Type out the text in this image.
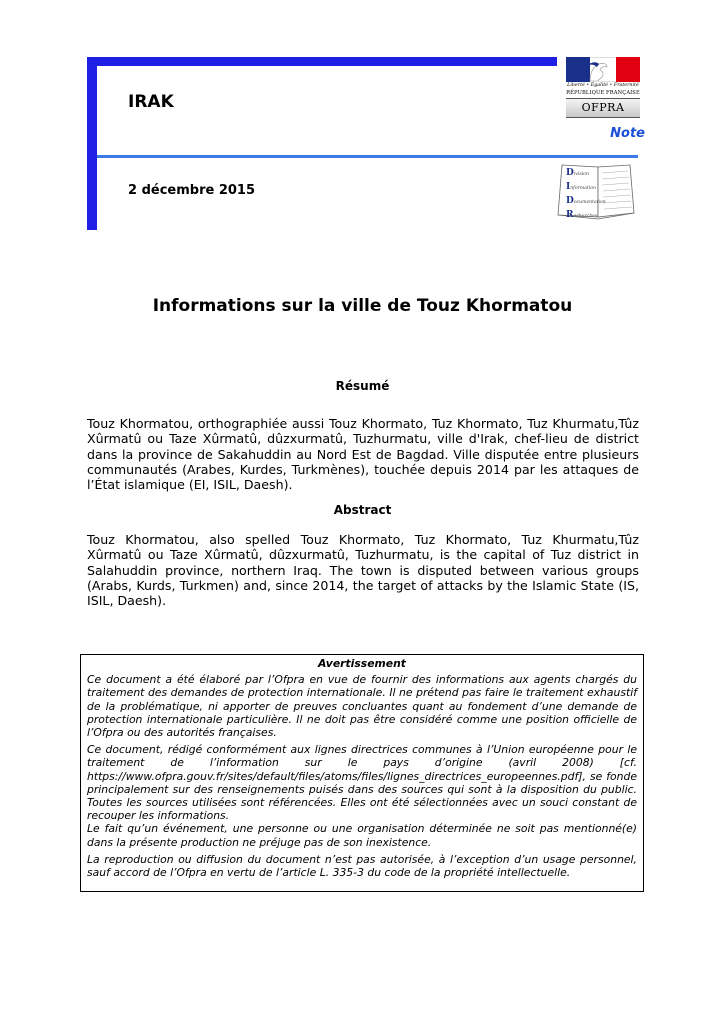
IRAK
Note
2 décembre 2015
Liberté • Égalité • Fraternité
RÉPUBLIQUE FRANÇAISE
OFPRA
Division
Information
Documentation
Recherches
Informations sur la ville de Touz Khormatou
Résumé
Touz Khormatou, orthographiée aussi Touz Khormato, Tuz Khormato, Tuz Khurmatu,Tûz Xûrmatû ou Taze Xûrmatû, dûzxurmatû, Tuzhurmatu, ville d'Irak, chef-lieu de district dans la province de Sakahuddin au Nord Est de Bagdad. Ville disputée entre plusieurs communautés (Arabes, Kurdes, Turkmènes), touchée depuis 2014 par les attaques de l’État islamique (EI, ISIL, Daesh).
Abstract
Touz Khormatou, also spelled Touz Khormato, Tuz Khormato, Tuz Khurmatu,Tûz Xûrmatû ou Taze Xûrmatû, dûzxurmatû, Tuzhurmatu, is the capital of Tuz district in Salahuddin province, northern Iraq. The town is disputed between various groups (Arabs, Kurds, Turkmen) and, since 2014, the target of attacks by the Islamic State (IS, ISIL, Daesh).
Avertissement

Ce document a été élaboré par l’Ofpra en vue de fournir des informations aux agents chargés du traitement des demandes de protection internationale. Il ne prétend pas faire le traitement exhaustif de la problématique, ni apporter de preuves concluantes quant au fondement d’une demande de protection internationale particulière. Il ne doit pas être considéré comme une position officielle de l’Ofpra ou des autorités françaises.

Ce document, rédigé conformément aux lignes directrices communes à l’Union européenne pour le traitement de l’information sur le pays d’origine (avril 2008) [cf. https://www.ofpra.gouv.fr/sites/default/files/atoms/files/lignes_directrices_europeennes.pdf], se fonde principalement sur des renseignements puisés dans des sources qui sont à la disposition du public. Toutes les sources utilisées sont référencées. Elles ont été sélectionnées avec un souci constant de recouper les informations.

Le fait qu’un événement, une personne ou une organisation déterminée ne soit pas mentionné(e) dans la présente production ne préjuge pas de son inexistence.

La reproduction ou diffusion du document n’est pas autorisée, à l’exception d’un usage personnel, sauf accord de l’Ofpra en vertu de l’article L. 335-3 du code de la propriété intellectuelle.
